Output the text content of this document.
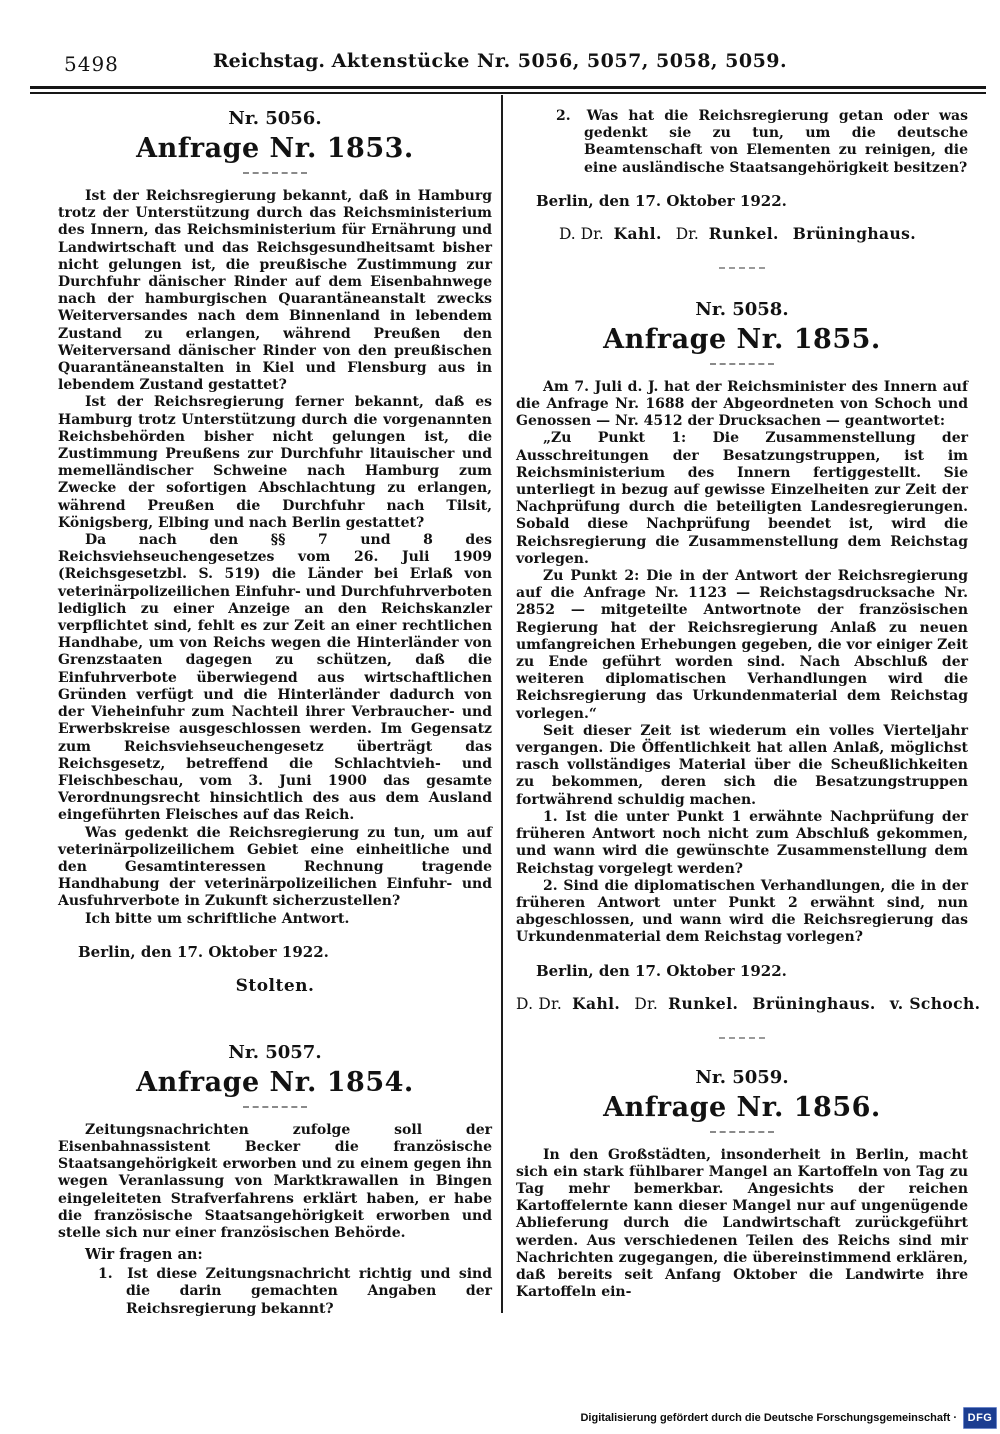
5498	Reichstag. Aktenstücke Nr. 5056, 5057, 5058, 5059.

Nr. 5056.

Anfrage Nr. 1853.

Ist der Reichsregierung bekannt, daß in Hamburg trotz der Unterstützung durch das Reichsministerium des Innern, das Reichsministerium für Ernährung und Landwirtschaft und das Reichsgesundheitsamt bisher nicht gelungen ist, die preußische Zustimmung zur Durchfuhr dänischer Rinder auf dem Eisenbahnwege nach der hamburgischen Quarantäneanstalt zwecks Weiterversandes nach dem Binnenland in lebendem Zustand zu erlangen, während Preußen den Weiterversand dänischer Rinder von den preußischen Quarantäneanstalten in Kiel und Flensburg aus in lebendem Zustand gestattet?

Ist der Reichsregierung ferner bekannt, daß es Hamburg trotz Unterstützung durch die vorgenannten Reichsbehörden bisher nicht gelungen ist, die Zustimmung Preußens zur Durchfuhr litauischer und memelländischer Schweine nach Hamburg zum Zwecke der sofortigen Abschlachtung zu erlangen, während Preußen die Durchfuhr nach Tilsit, Königsberg, Elbing und nach Berlin gestattet?

Da nach den §§ 7 und 8 des Reichsviehseuchengesetzes vom 26. Juli 1909 (Reichsgesetzbl. S. 519) die Länder bei Erlaß von veterinärpolizeilichen Einfuhr- und Durchfuhrverboten lediglich zu einer Anzeige an den Reichskanzler verpflichtet sind, fehlt es zur Zeit an einer rechtlichen Handhabe, um von Reichs wegen die Hinterländer von Grenzstaaten dagegen zu schützen, daß die Einfuhrverbote überwiegend aus wirtschaftlichen Gründen verfügt und die Hinterländer dadurch von der Vieheinfuhr zum Nachteil ihrer Verbraucher- und Erwerbskreise ausgeschlossen werden. Im Gegensatz zum Reichsviehseuchengesetz überträgt das Reichsgesetz, betreffend die Schlachtvieh- und Fleischbeschau, vom 3. Juni 1900 das gesamte Verordnungsrecht hinsichtlich des aus dem Ausland eingeführten Fleisches auf das Reich.

Was gedenkt die Reichsregierung zu tun, um auf veterinärpolizeilichem Gebiet eine einheitliche und den Gesamtinteressen Rechnung tragende Handhabung der veterinärpolizeilichen Einfuhr- und Ausfuhrverbote in Zukunft sicherzustellen?

Ich bitte um schriftliche Antwort.

Berlin, den 17. Oktober 1922.

Stolten.

Nr. 5057.

Anfrage Nr. 1854.

Zeitungsnachrichten zufolge soll der Eisenbahnassistent Becker die französische Staatsangehörigkeit erworben und zu einem gegen ihn wegen Veranlassung von Marktkrawallen in Bingen eingeleiteten Strafverfahrens erklärt haben, er habe die französische Staatsangehörigkeit erworben und stelle sich nur einer französischen Behörde.

Wir fragen an:

1. Ist diese Zeitungsnachricht richtig und sind die darin gemachten Angaben der Reichsregierung bekannt?

2. Was hat die Reichsregierung getan oder was gedenkt sie zu tun, um die deutsche Beamtenschaft von Elementen zu reinigen, die eine ausländische Staatsangehörigkeit besitzen?

Berlin, den 17. Oktober 1922.

D. Dr. Kahl. Dr. Runkel. Brüninghaus.

Nr. 5058.

Anfrage Nr. 1855.

Am 7. Juli d. J. hat der Reichsminister des Innern auf die Anfrage Nr. 1688 der Abgeordneten von Schoch und Genossen — Nr. 4512 der Drucksachen — geantwortet:

„Zu Punkt 1: Die Zusammenstellung der Ausschreitungen der Besatzungstruppen, ist im Reichsministerium des Innern fertiggestellt. Sie unterliegt in bezug auf gewisse Einzelheiten zur Zeit der Nachprüfung durch die beteiligten Landesregierungen. Sobald diese Nachprüfung beendet ist, wird die Reichsregierung die Zusammenstellung dem Reichstag vorlegen.

Zu Punkt 2: Die in der Antwort der Reichsregierung auf die Anfrage Nr. 1123 — Reichstagsdrucksache Nr. 2852 — mitgeteilte Antwortnote der französischen Regierung hat der Reichsregierung Anlaß zu neuen umfangreichen Erhebungen gegeben, die vor einiger Zeit zu Ende geführt worden sind. Nach Abschluß der weiteren diplomatischen Verhandlungen wird die Reichsregierung das Urkundenmaterial dem Reichstag vorlegen.“

Seit dieser Zeit ist wiederum ein volles Vierteljahr vergangen. Die Öffentlichkeit hat allen Anlaß, möglichst rasch vollständiges Material über die Scheußlichkeiten zu bekommen, deren sich die Besatzungstruppen fortwährend schuldig machen.

1. Ist die unter Punkt 1 erwähnte Nachprüfung der früheren Antwort noch nicht zum Abschluß gekommen, und wann wird die gewünschte Zusammenstellung dem Reichstag vorgelegt werden?

2. Sind die diplomatischen Verhandlungen, die in der früheren Antwort unter Punkt 2 erwähnt sind, nun abgeschlossen, und wann wird die Reichsregierung das Urkundenmaterial dem Reichstag vorlegen?

Berlin, den 17. Oktober 1922.

D. Dr. Kahl. Dr. Runkel. Brüninghaus. v. Schoch.

Nr. 5059.

Anfrage Nr. 1856.

In den Großstädten, insonderheit in Berlin, macht sich ein stark fühlbarer Mangel an Kartoffeln von Tag zu Tag mehr bemerkbar. Angesichts der reichen Kartoffelernte kann dieser Mangel nur auf ungenügende Ablieferung durch die Landwirtschaft zurückgeführt werden. Aus verschiedenen Teilen des Reichs sind mir Nachrichten zugegangen, die übereinstimmend erklären, daß bereits seit Anfang Oktober die Landwirte ihre Kartoffeln ein-

Digitalisierung gefördert durch die Deutsche Forschungsgemeinschaft · DFG
